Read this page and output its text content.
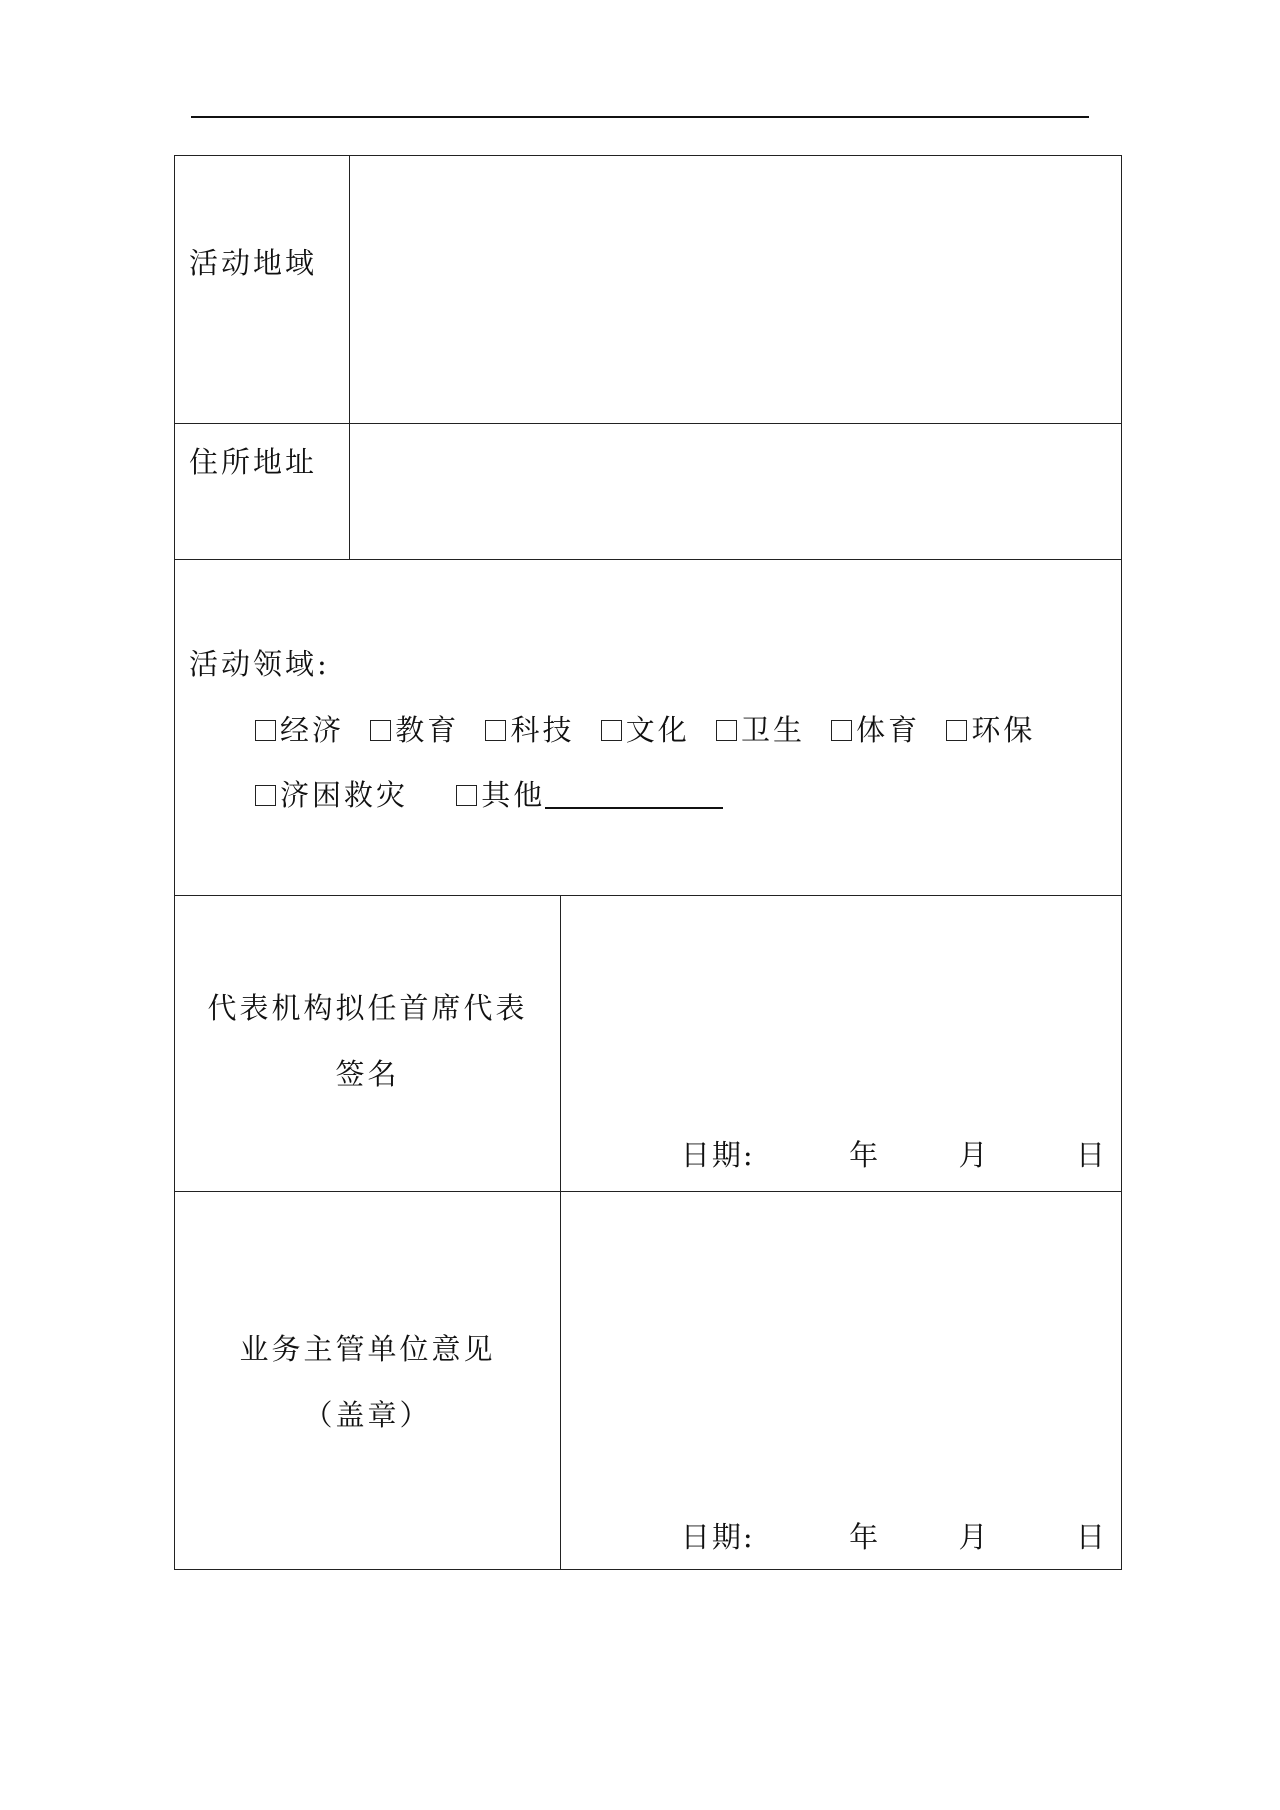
活动地域
住所地址
活动领域:
经济 教育 科技 文化 卫生 体育 环保
济困救灾	其他
代表机构拟任首席代表
签名
日期:	年	月	日
业务主管单位意见
（盖章）
日期:	年	月	日
